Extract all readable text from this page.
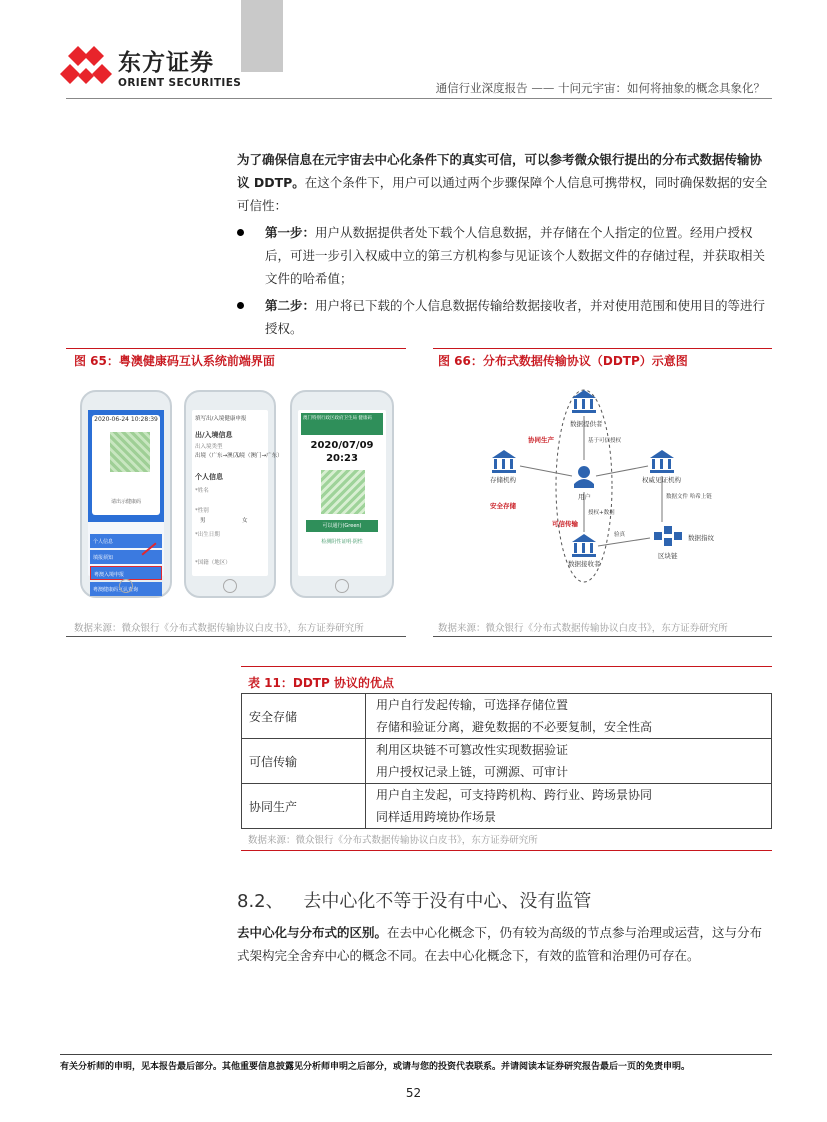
东方证券
ORIENT SECURITIES	通信行业深度报告 —— 十问元宇宙：如何将抽象的概念具象化？
为了确保信息在元宇宙去中心化条件下的真实可信，可以参考微众银行提出的分布式数据传输协议 DDTP。在这个条件下，用户可以通过两个步骤保障个人信息可携带权，同时确保数据的安全可信性：
第一步：用户从数据提供者处下载个人信息数据，并存储在个人指定的位置。经用户授权后，可进一步引入权威中立的第三方机构参与见证该个人数据文件的存储过程，并获取相关文件的哈希值；
第二步：用户将已下载的个人信息数据传输给数据接收者，并对使用范围和使用目的等进行授权。
图 65：粤澳健康码互认系统前端界面
2020-06-24 10:28:39
请出示健康码
个人信息
填报须知
粤澳入境申报
粤澳健康码互认查询
填写出/入境健康申报
出/入境信息
出入境类型
出境（广东→澳门）
入境（澳门→广东）
个人信息
*姓名
*性别
男	女
*出生日期
*国籍（地区）
澳门特别行政区政府卫生局 健康码
2020/07/09
20:23
可以通行(Green)
检测阴性证明·阴性
数据来源：微众银行《分布式数据传输协议白皮书》，东方证券研究所
图 66：分布式数据传输协议（DDTP）示意图
数据提供者
用户
存储机构	权威见证机构
数据接收者
区块链
数据指纹
基于可信授权
授权+数据
数据文件 哈希上链
验真
协同生产
安全存储
可信传输
数据来源：微众银行《分布式数据传输协议白皮书》，东方证券研究所
表 11：DDTP 协议的优点
安全存储	用户自行发起传输，可选择存储位置
存储和验证分离，避免数据的不必要复制，安全性高

可信传输	利用区块链不可篡改性实现数据验证
用户授权记录上链，可溯源、可审计

协同生产	用户自主发起，可支持跨机构、跨行业、跨场景协同
同样适用跨境协作场景
数据来源：微众银行《分布式数据传输协议白皮书》，东方证券研究所
8.2、 去中心化不等于没有中心、没有监管
去中心化与分布式的区别。在去中心化概念下，仍有较为高级的节点参与治理或运营，这与分布式架构完全舍弃中心的概念不同。在去中心化概念下，有效的监管和治理仍可存在。
有关分析师的申明，见本报告最后部分。其他重要信息披露见分析师申明之后部分，或请与您的投资代表联系。并请阅读本证券研究报告最后一页的免责申明。
52
